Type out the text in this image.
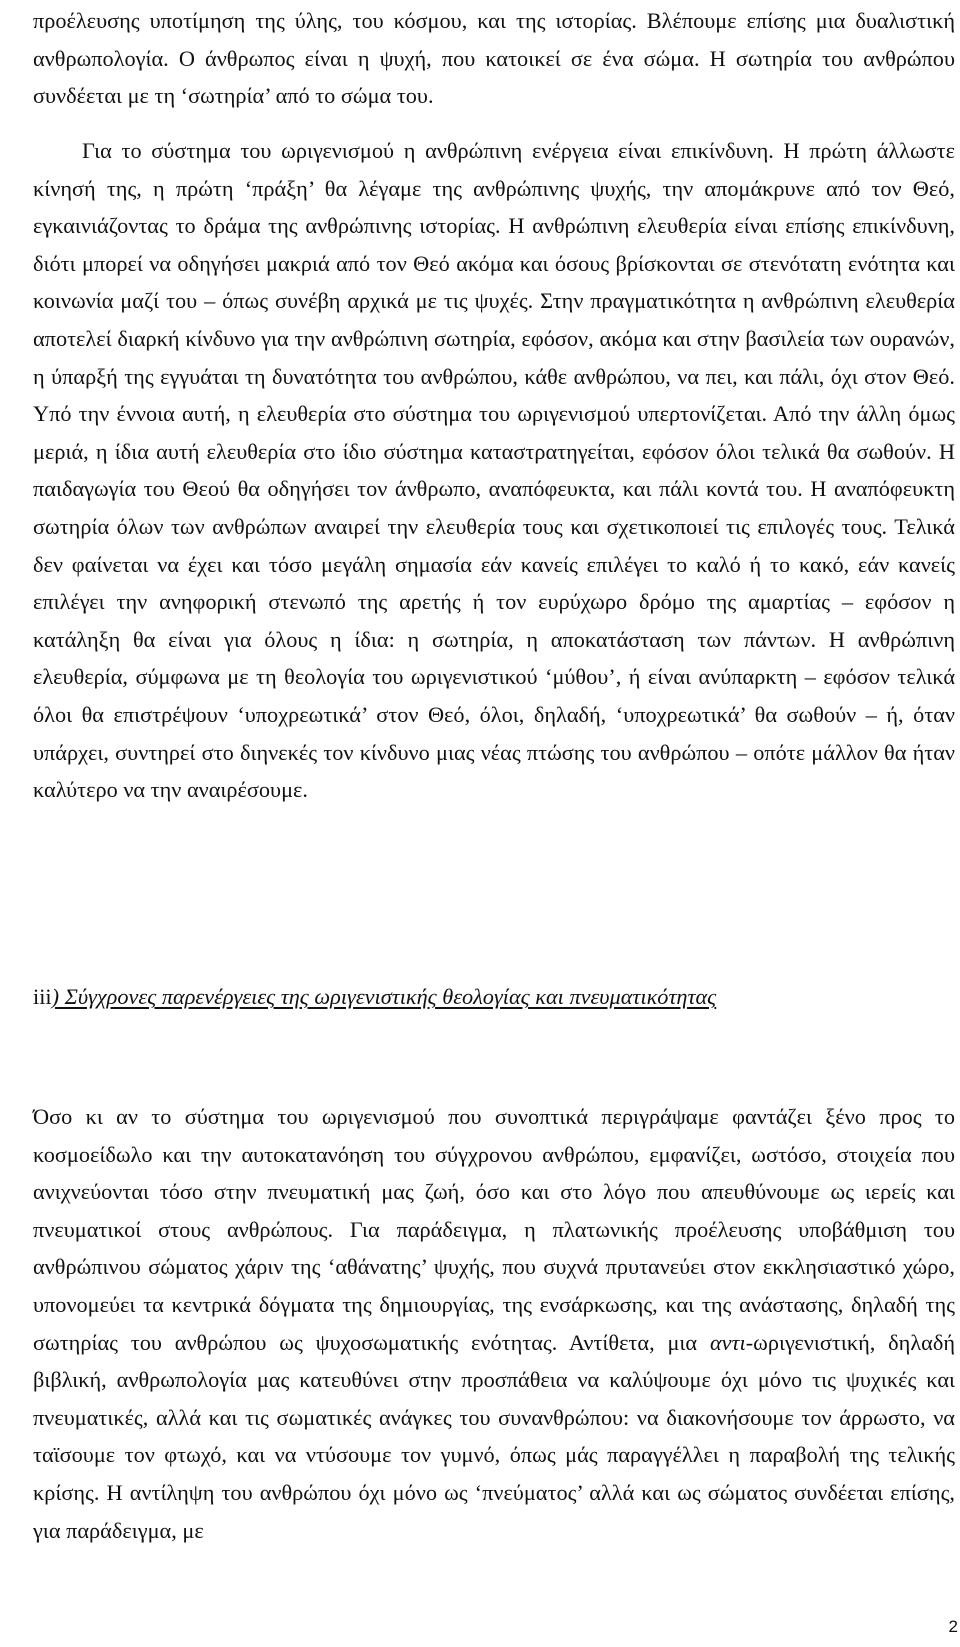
προέλευσης υποτίμηση της ύλης, του κόσμου, και της ιστορίας. Βλέπουμε επίσης μια δυαλιστική ανθρωπολογία. Ο άνθρωπος είναι η ψυχή, που κατοικεί σε ένα σώμα. Η σωτηρία του ανθρώπου συνδέεται με τη ‘σωτηρία’ από το σώμα του.

Για το σύστημα του ωριγενισμού η ανθρώπινη ενέργεια είναι επικίνδυνη. Η πρώτη άλλωστε κίνησή της, η πρώτη ‘πράξη’ θα λέγαμε της ανθρώπινης ψυχής, την απομάκρυνε από τον Θεό, εγκαινιάζοντας το δράμα της ανθρώπινης ιστορίας. Η ανθρώπινη ελευθερία είναι επίσης επικίνδυνη, διότι μπορεί να οδηγήσει μακριά από τον Θεό ακόμα και όσους βρίσκονται σε στενότατη ενότητα και κοινωνία μαζί του – όπως συνέβη αρχικά με τις ψυχές. Στην πραγματικότητα η ανθρώπινη ελευθερία αποτελεί διαρκή κίνδυνο για την ανθρώπινη σωτηρία, εφόσον, ακόμα και στην βασιλεία των ουρανών, η ύπαρξή της εγγυάται τη δυνατότητα του ανθρώπου, κάθε ανθρώπου, να πει, και πάλι, όχι στον Θεό. Υπό την έννοια αυτή, η ελευθερία στο σύστημα του ωριγενισμού υπερτονίζεται. Από την άλλη όμως μεριά, η ίδια αυτή ελευθερία στο ίδιο σύστημα καταστρατηγείται, εφόσον όλοι τελικά θα σωθούν. Η παιδαγωγία του Θεού θα οδηγήσει τον άνθρωπο, αναπόφευκτα, και πάλι κοντά του. Η αναπόφευκτη σωτηρία όλων των ανθρώπων αναιρεί την ελευθερία τους και σχετικοποιεί τις επιλογές τους. Τελικά δεν φαίνεται να έχει και τόσο μεγάλη σημασία εάν κανείς επιλέγει το καλό ή το κακό, εάν κανείς επιλέγει την ανηφορική στενωπό της αρετής ή τον ευρύχωρο δρόμο της αμαρτίας – εφόσον η κατάληξη θα είναι για όλους η ίδια: η σωτηρία, η αποκατάσταση των πάντων. Η ανθρώπινη ελευθερία, σύμφωνα με τη θεολογία του ωριγενιστικού ‘μύθου’, ή είναι ανύπαρκτη – εφόσον τελικά όλοι θα επιστρέψουν ‘υποχρεωτικά’ στον Θεό, όλοι, δηλαδή, ‘υποχρεωτικά’ θα σωθούν – ή, όταν υπάρχει, συντηρεί στο διηνεκές τον κίνδυνο μιας νέας πτώσης του ανθρώπου – οπότε μάλλον θα ήταν καλύτερο να την αναιρέσουμε.

iii) Σύγχρονες παρενέργειες της ωριγενιστικής θεολογίας και πνευματικότητας

Όσο κι αν το σύστημα του ωριγενισμού που συνοπτικά περιγράψαμε φαντάζει ξένο προς το κοσμοείδωλο και την αυτοκατανόηση του σύγχρονου ανθρώπου, εμφανίζει, ωστόσο, στοιχεία που ανιχνεύονται τόσο στην πνευματική μας ζωή, όσο και στο λόγο που απευθύνουμε ως ιερείς και πνευματικοί στους ανθρώπους. Για παράδειγμα, η πλατωνικής προέλευσης υποβάθμιση του ανθρώπινου σώματος χάριν της ‘αθάνατης’ ψυχής, που συχνά πρυτανεύει στον εκκλησιαστικό χώρο, υπονομεύει τα κεντρικά δόγματα της δημιουργίας, της ενσάρκωσης, και της ανάστασης, δηλαδή της σωτηρίας του ανθρώπου ως ψυχοσωματικής ενότητας. Αντίθετα, μια αντι-ωριγενιστική, δηλαδή βιβλική, ανθρωπολογία μας κατευθύνει στην προσπάθεια να καλύψουμε όχι μόνο τις ψυχικές και πνευματικές, αλλά και τις σωματικές ανάγκες του συνανθρώπου: να διακονήσουμε τον άρρωστο, να ταϊσουμε τον φτωχό, και να ντύσουμε τον γυμνό, όπως μάς παραγγέλλει η παραβολή της τελικής κρίσης. Η αντίληψη του ανθρώπου όχι μόνο ως ‘πνεύματος’ αλλά και ως σώματος συνδέεται επίσης, για παράδειγμα, με

2
